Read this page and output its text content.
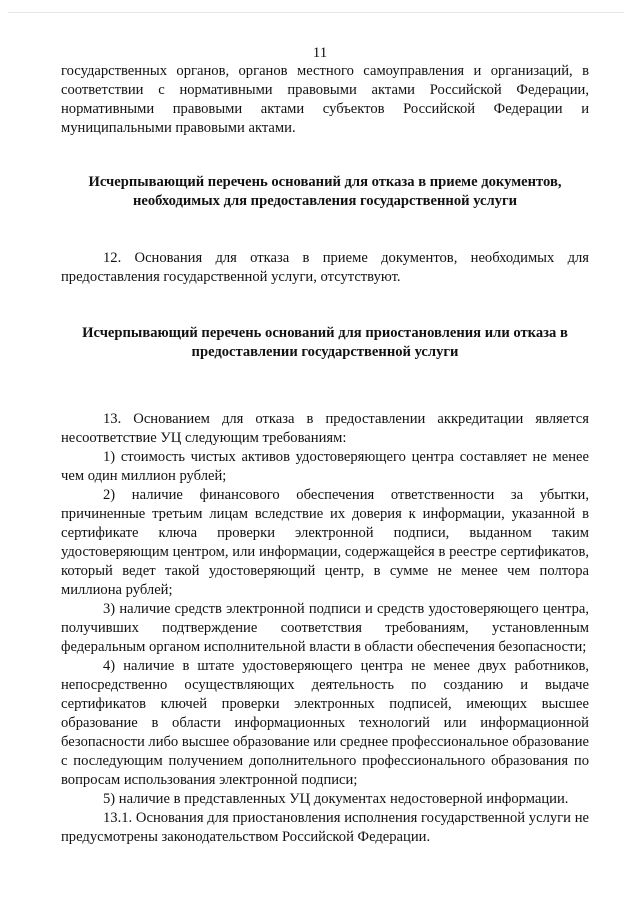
11

государственных органов, органов местного самоуправления и организаций, в соответствии с нормативными правовыми актами Российской Федерации, нормативными правовыми актами субъектов Российской Федерации и муниципальными правовыми актами.

Исчерпывающий перечень оснований для отказа в приеме документов,
необходимых для предоставления государственной услуги

12. Основания для отказа в приеме документов, необходимых для предоставления государственной услуги, отсутствуют.

Исчерпывающий перечень оснований для приостановления или отказа в
предоставлении государственной услуги

13. Основанием для отказа в предоставлении аккредитации является несоответствие УЦ следующим требованиям:

1) стоимость чистых активов удостоверяющего центра составляет не менее чем один миллион рублей;

2) наличие финансового обеспечения ответственности за убытки, причиненные третьим лицам вследствие их доверия к информации, указанной в сертификате ключа проверки электронной подписи, выданном таким удостоверяющим центром, или информации, содержащейся в реестре сертификатов, который ведет такой удостоверяющий центр, в сумме не менее чем полтора миллиона рублей;

3) наличие средств электронной подписи и средств удостоверяющего центра, получивших подтверждение соответствия требованиям, установленным федеральным органом исполнительной власти в области обеспечения безопасности;

4) наличие в штате удостоверяющего центра не менее двух работников, непосредственно осуществляющих деятельность по созданию и выдаче сертификатов ключей проверки электронных подписей, имеющих высшее образование в области информационных технологий или информационной безопасности либо высшее образование или среднее профессиональное образование с последующим получением дополнительного профессионального образования по вопросам использования электронной подписи;

5) наличие в представленных УЦ документах недостоверной информации.

13.1. Основания для приостановления исполнения государственной услуги не предусмотрены законодательством Российской Федерации.
